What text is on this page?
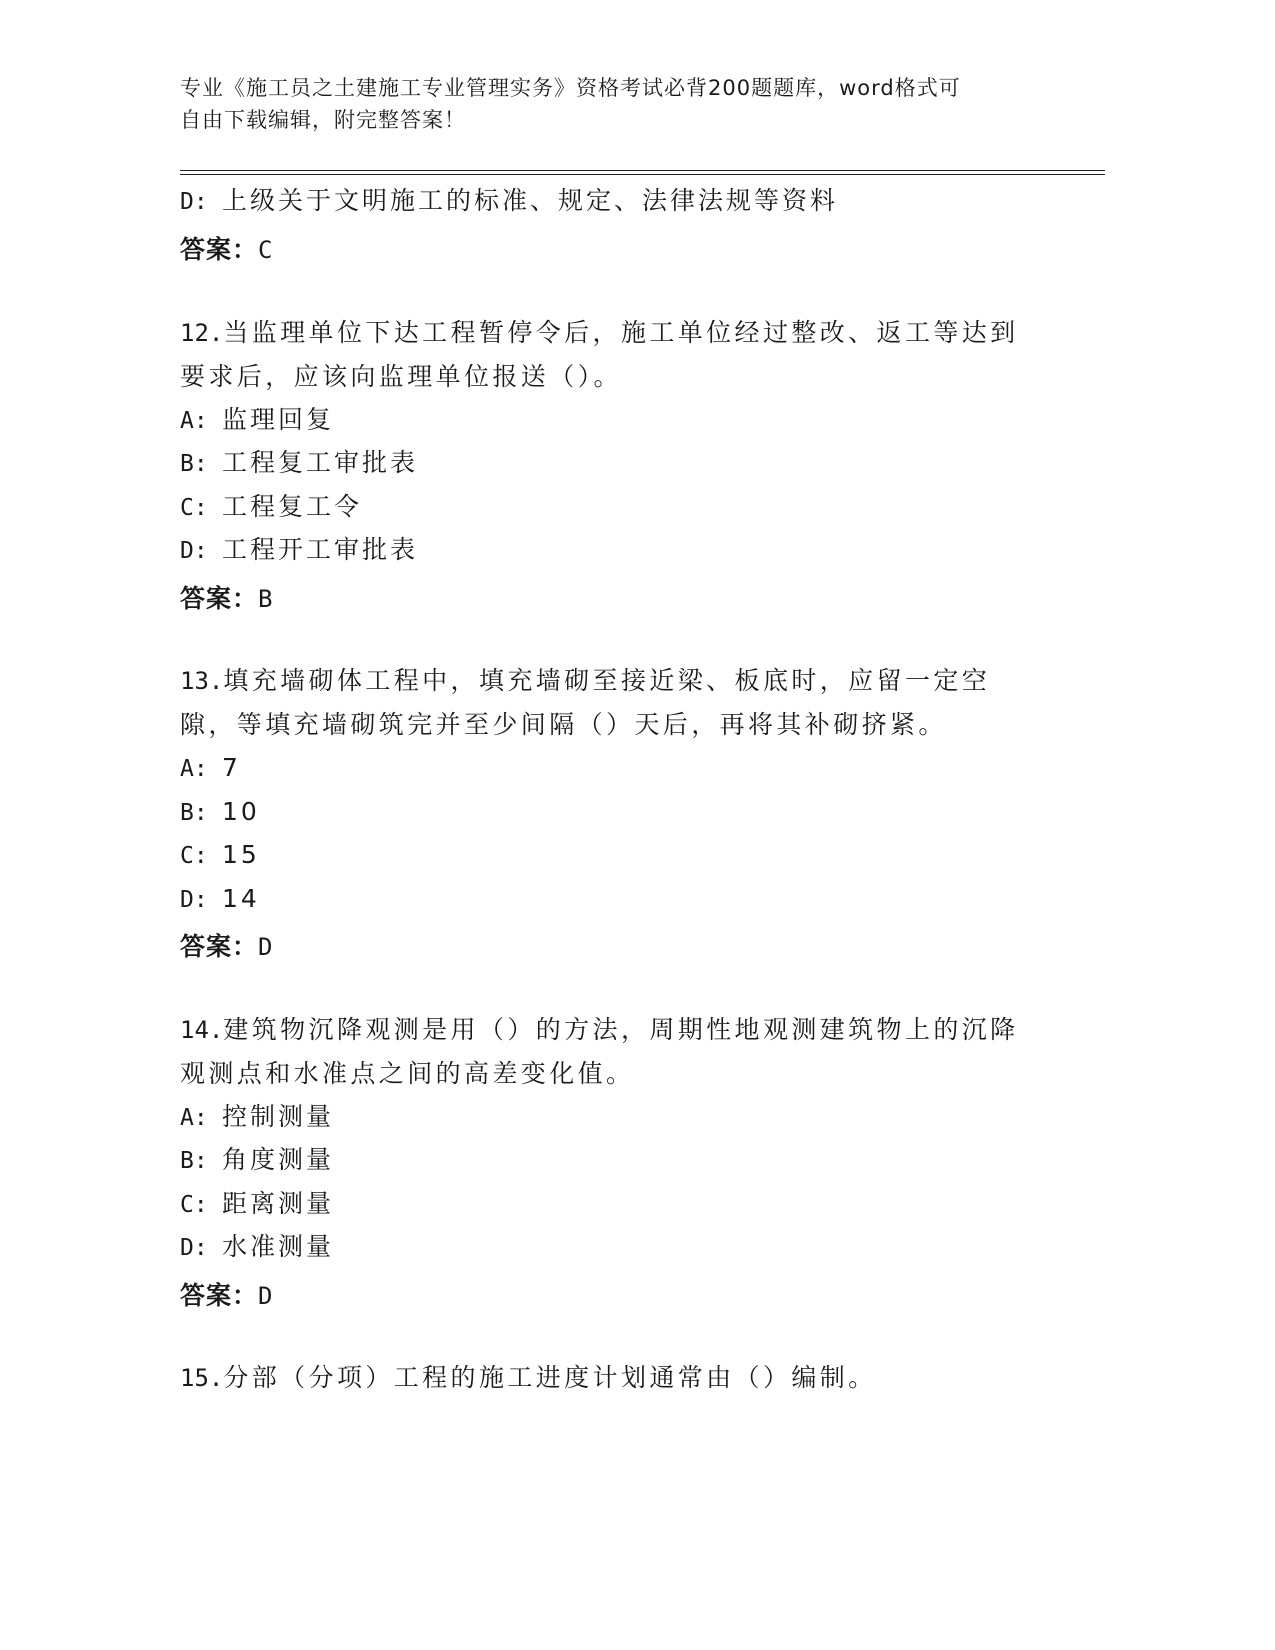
专业《施工员之土建施工专业管理实务》资格考试必背200题题库，word格式可
自由下载编辑，附完整答案！
D: 上级关于文明施工的标准、规定、法律法规等资料
答案：C
12.当监理单位下达工程暂停令后，施工单位经过整改、返工等达到要求后，应该向监理单位报送（）。
A: 监理回复
B: 工程复工审批表
C: 工程复工令
D: 工程开工审批表
答案：B
13.填充墙砌体工程中，填充墙砌至接近梁、板底时，应留一定空隙，等填充墙砌筑完并至少间隔（）天后，再将其补砌挤紧。
A: 7
B: 10
C: 15
D: 14
答案：D
14.建筑物沉降观测是用（）的方法，周期性地观测建筑物上的沉降观测点和水准点之间的高差变化值。
A: 控制测量
B: 角度测量
C: 距离测量
D: 水准测量
答案：D
15.分部（分项）工程的施工进度计划通常由（）编制。
